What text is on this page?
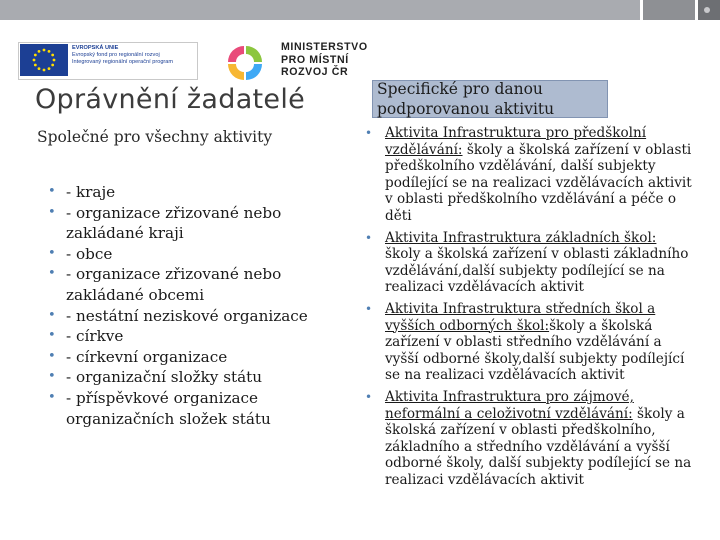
EVROPSKÁ UNIE
Evropský fond pro regionální rozvoj
Integrovaný regionální operační program
MINISTERSTVO
PRO MÍSTNÍ
ROZVOJ ČR
Oprávnění žadatelé
Společné pro všechny aktivity
Specifické pro danou podporovanou aktivitu
• - kraje
• - organizace zřizované nebo zakládané kraji
• - obce
• - organizace zřizované nebo zakládané obcemi
• - nestátní neziskové organizace
• - církve
• - církevní organizace
• - organizační složky státu
• - příspěvkové organizace organizačních složek státu
• Aktivita Infrastruktura pro předškolní vzdělávání: školy a školská zařízení v oblasti předškolního vzdělávání, další subjekty podílející se na realizaci vzdělávacích aktivit v oblasti předškolního vzdělávání a péče o děti
• Aktivita Infrastruktura základních škol: školy a školská zařízení v oblasti základního vzdělávání,další subjekty podílející se na realizaci vzdělávacích aktivit
• Aktivita Infrastruktura středních škol a vyšších odborných škol:školy a školská zařízení v oblasti středního vzdělávání a vyšší odborné školy,další subjekty podílející se na realizaci vzdělávacích aktivit
• Aktivita Infrastruktura pro zájmové, neformální a celoživotní vzdělávání: školy a školská zařízení v oblasti předškolního, základního a středního vzdělávání a vyšší odborné školy, další subjekty podílející se na realizaci vzdělávacích aktivit
